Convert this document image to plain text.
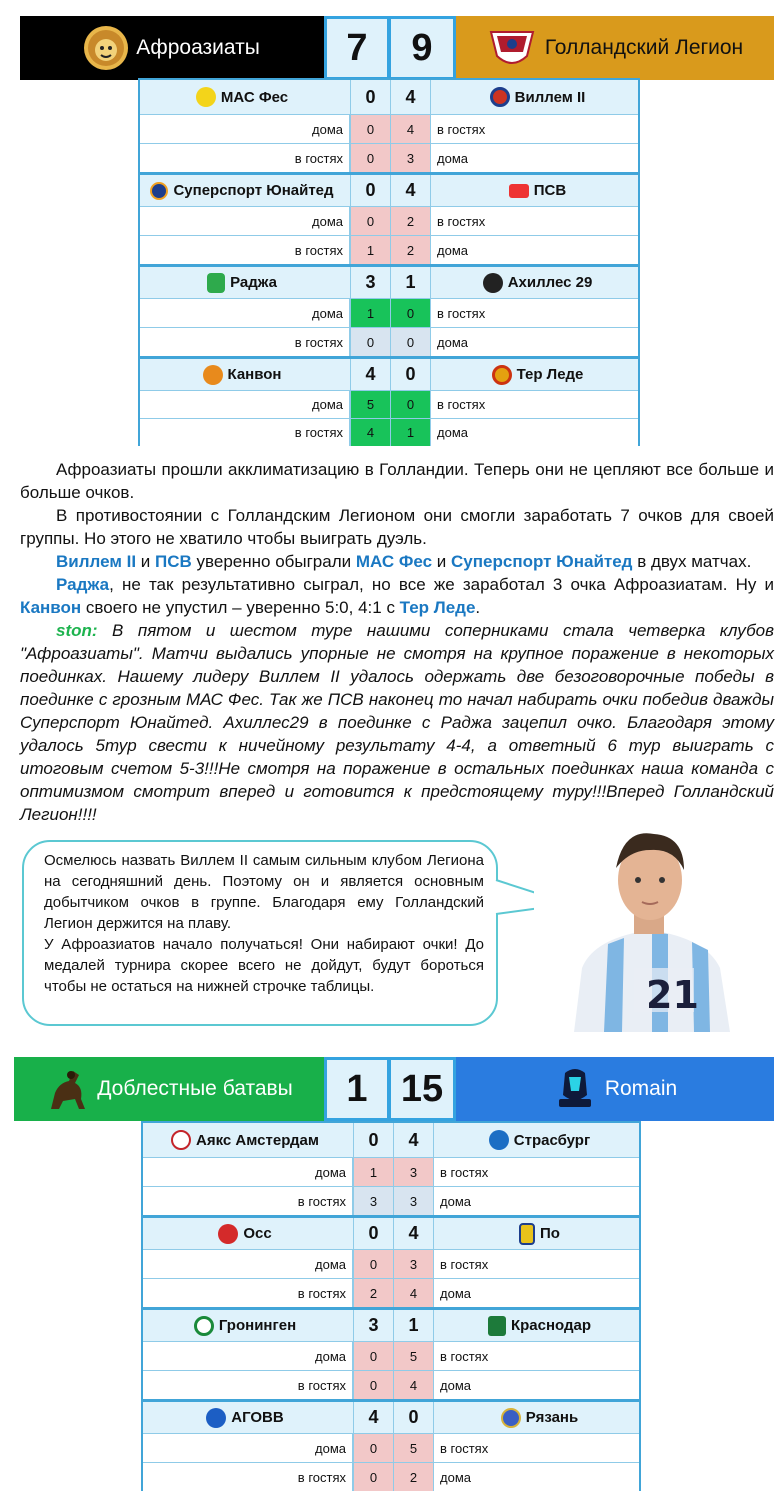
Афроазиаты	7	9	Голландский Легион
МАС Фес	0	4	Виллем II
дома	0	4	в гостях
в гостях	0	3	дома
Суперспорт Юнайтед	0	4	ПСВ
дома	0	2	в гостях
в гостях	1	2	дома
Раджа	3	1	Ахиллес 29
дома	1	0	в гостях
в гостях	0	0	дома
Канвон	4	0	Тер Леде
дома	5	0	в гостях
в гостях	4	1	дома

Афроазиаты прошли акклиматизацию в Голландии. Теперь они не цепляют все больше и больше очков.

В противостоянии с Голландским Легионом они смогли заработать 7 очков для своей группы. Но этого не хватило чтобы выиграть дуэль.

Виллем II и ПСВ уверенно обыграли МАС Фес и Суперспорт Юнайтед в двух матчах.

Раджа, не так результативно сыграл, но все же заработал 3 очка Афроазиатам. Ну и Канвон своего не упустил – уверенно 5:0, 4:1 с Тер Леде.

ston: В пятом и шестом туре нашими соперниками стала четверка клубов "Афроазиаты". Матчи выдались упорные не смотря на крупное поражение в некоторых поединках. Нашему лидеру Виллем II удалось одержать две безоговорочные победы в поединке с грозным МАС Фес. Так же ПСВ наконец то начал набирать очки победив дважды Суперспорт Юнайтед. Ахиллес29 в поединке с Раджа зацепил очко. Благодаря этому удалось 5тур свести к ничейному результату 4-4, а ответный 6 тур выиграть с итоговым счетом 5-3!!!Не смотря на поражение в остальных поединках наша команда с оптимизмом смотрит вперед и готовится к предстоящему туру!!!Вперед Голландский Легион!!!!

Осмелюсь назвать Виллем II самым сильным клубом Легиона на сегодняшний день. Поэтому он и является основным добытчиком очков в группе. Благодаря ему Голландский Легион держится на плаву.
У Афроазиатов начало получаться! Они набирают очки! До медалей турнира скорее всего не дойдут, будут бороться чтобы не остаться на нижней строчке таблицы.	21
Доблестные батавы	1 15	Romain
Аякс Амстердам	0	4	Страсбург
дома	1	3	в гостях
в гостях	3	3	дома
Осс	0	4	По
дома	0	3	в гостях
в гостях	2	4	дома
Гронинген	3	1	Краснодар
дома	0	5	в гостях
в гостях	0	4	дома
АГОВВ	4	0	Рязань
дома	0	5	в гостях
в гостях	0	2	дома
